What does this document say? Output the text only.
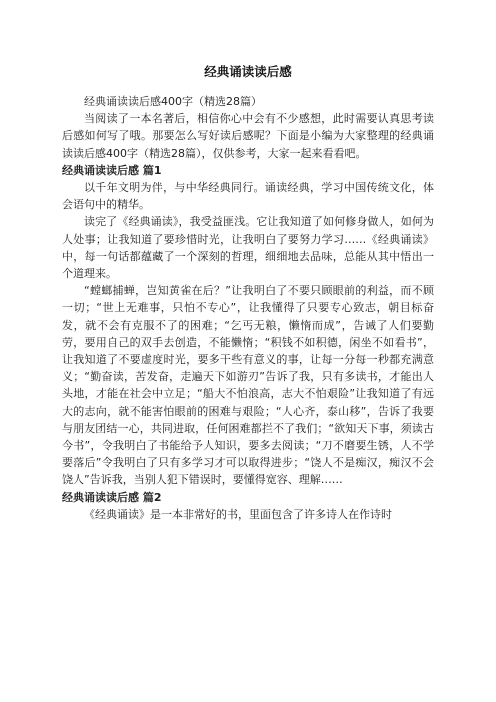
经典诵读读后感

经典诵读读后感400字（精选28篇）

当阅读了一本名著后，相信你心中会有不少感想，此时需要认真思考读后感如何写了哦。那要怎么写好读后感呢？下面是小编为大家整理的经典诵读读后感400字（精选28篇），仅供参考，大家一起来看看吧。

经典诵读读后感 篇1

以千年文明为伴，与中华经典同行。诵读经典，学习中国传统文化，体会语句中的精华。

读完了《经典诵读》，我受益匪浅。它让我知道了如何修身做人，如何为人处事；让我知道了要珍惜时光，让我明白了要努力学习……《经典诵读》中，每一句话都蕴藏了一个深刻的哲理，细细地去品味，总能从其中悟出一个道理来。

“螳螂捕蝉，岂知黄雀在后？”让我明白了不要只顾眼前的利益，而不顾一切；“世上无难事，只怕不专心”，让我懂得了只要专心致志，朝目标奋发，就不会有克服不了的困难；“乞丐无粮，懒惰而成”，告诫了人们要勤劳，要用自己的双手去创造，不能懒惰；“积钱不如积德，闲坐不如看书”，让我知道了不要虚度时光，要多干些有意义的事，让每一分每一秒都充满意义；“勤奋读，苦发奋，走遍天下如游刃”告诉了我，只有多读书，才能出人头地，才能在社会中立足；“船大不怕浪高，志大不怕艰险”让我知道了有远大的志向，就不能害怕眼前的困难与艰险；“人心齐，泰山移”，告诉了我要与朋友团结一心，共同进取，任何困难都拦不了我们；“欲知天下事，须读古今书”，令我明白了书能给予人知识，要多去阅读；“刀不磨要生锈，人不学要落后”令我明白了只有多学习才可以取得进步；“饶人不是痴汉，痴汉不会饶人”告诉我，当别人犯下错误时，要懂得宽容、理解……

经典诵读读后感 篇2

《经典诵读》是一本非常好的书，里面包含了许多诗人在作诗时
